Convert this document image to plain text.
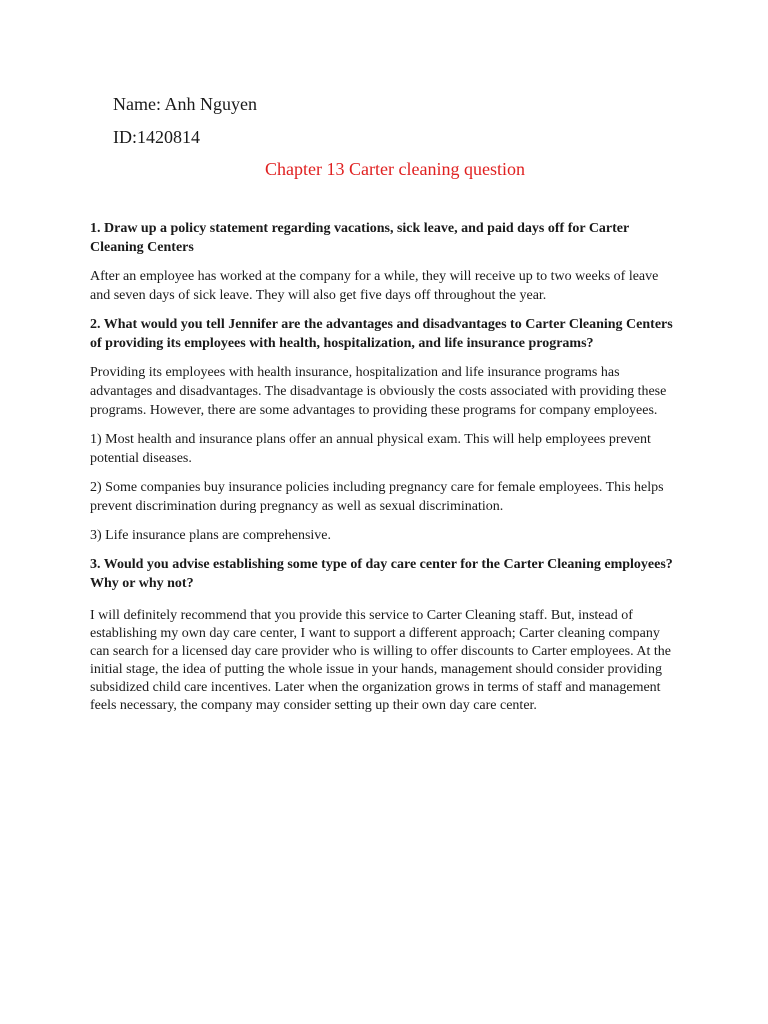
Name: Anh Nguyen
ID:1420814
Chapter 13 Carter cleaning question
1. Draw up a policy statement regarding vacations, sick leave, and paid days off for Carter Cleaning Centers
After an employee has worked at the company for a while, they will receive up to two weeks of leave and seven days of sick leave. They will also get five days off throughout the year.
2. What would you tell Jennifer are the advantages and disadvantages to Carter Cleaning Centers of providing its employees with health, hospitalization, and life insurance programs?
Providing its employees with health insurance, hospitalization and life insurance programs has advantages and disadvantages. The disadvantage is obviously the costs associated with providing these programs. However, there are some advantages to providing these programs for company employees.
1) Most health and insurance plans offer an annual physical exam. This will help employees prevent potential diseases.
2) Some companies buy insurance policies including pregnancy care for female employees. This helps prevent discrimination during pregnancy as well as sexual discrimination.
3) Life insurance plans are comprehensive.
3. Would you advise establishing some type of day care center for the Carter Cleaning employees? Why or why not?
I will definitely recommend that you provide this service to Carter Cleaning staff. But, instead of establishing my own day care center, I want to support a different approach; Carter cleaning company can search for a licensed day care provider who is willing to offer discounts to Carter employees. At the initial stage, the idea of putting the whole issue in your hands, management should consider providing subsidized child care incentives. Later when the organization grows in terms of staff and management feels necessary, the company may consider setting up their own day care center.
